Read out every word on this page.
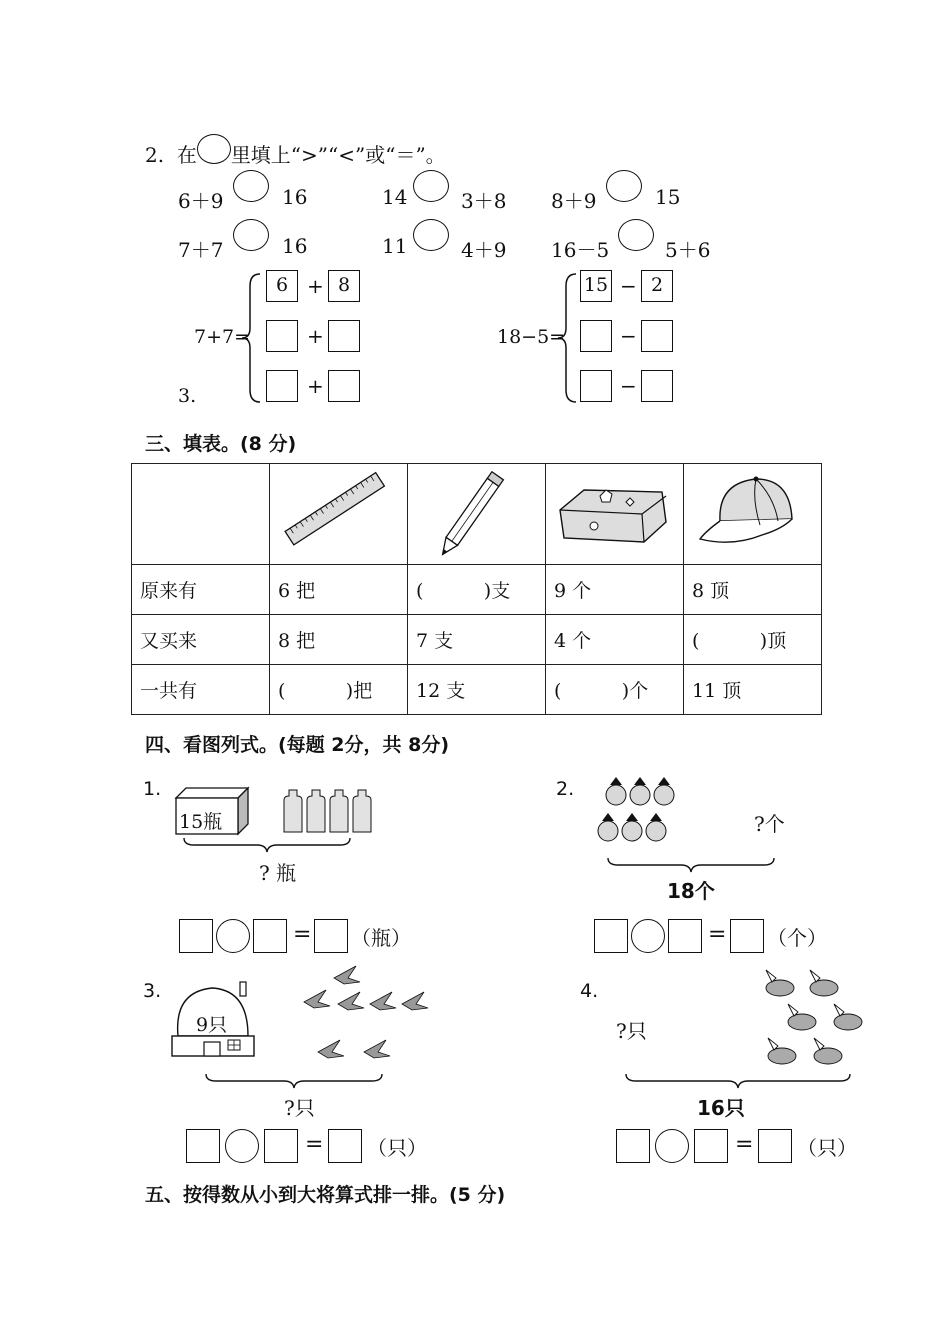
2. 在 里填上“>”“<”或“＝”。
6＋9	16	14	3＋8 8＋9	15
7＋7	16	11	4＋9 16－5	5＋6
3.
7+7=
6 + 8
+
+
18−5=
15 − 2
−
−
三、填表。(8 分)

原来有	6 把	(          )支	9 个	8 顶
又买来	8 把	7 支	4 个	(          )顶
一共有	(          )把	12 支	(          )个	11 顶
四、看图列式。(每题 2分，共 8分)
1.
15瓶
? 瓶
= （瓶）
2.
?个
18个
= （个）
3.
9只
?只
= （只）
4.
?只
16只
= （只）
五、按得数从小到大将算式排一排。(5 分)
